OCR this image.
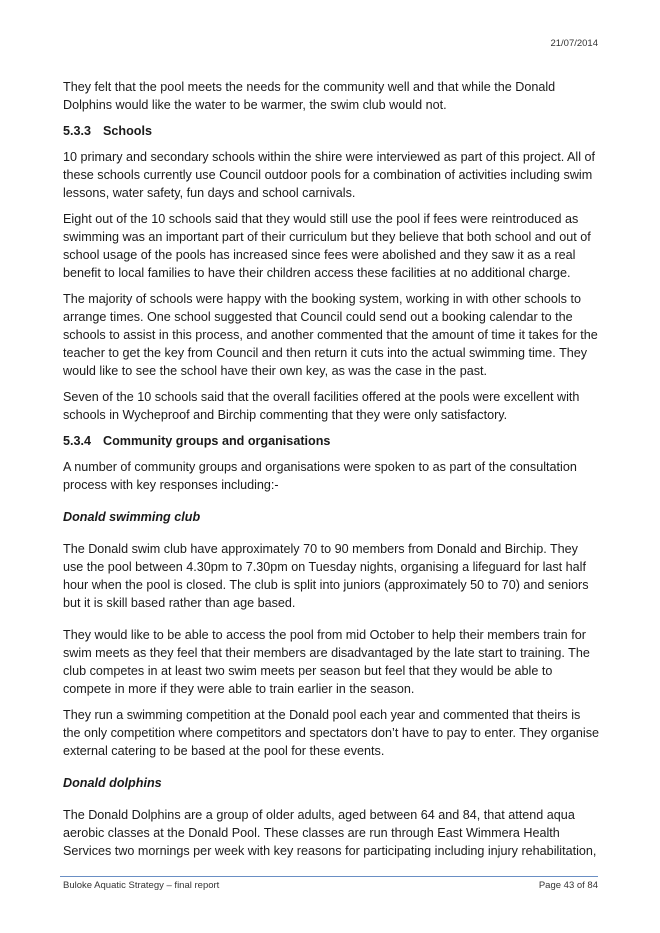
21/07/2014

They felt that the pool meets the needs for the community well and that while the Donald Dolphins would like the water to be warmer, the swim club would not.

5.3.3 Schools

10 primary and secondary schools within the shire were interviewed as part of this project. All of these schools currently use Council outdoor pools for a combination of activities including swim lessons, water safety, fun days and school carnivals.

Eight out of the 10 schools said that they would still use the pool if fees were reintroduced as swimming was an important part of their curriculum but they believe that both school and out of school usage of the pools has increased since fees were abolished and they saw it as a real benefit to local families to have their children access these facilities at no additional charge.

The majority of schools were happy with the booking system, working in with other schools to arrange times. One school suggested that Council could send out a booking calendar to the schools to assist in this process, and another commented that the amount of time it takes for the teacher to get the key from Council and then return it cuts into the actual swimming time. They would like to see the school have their own key, as was the case in the past.

Seven of the 10 schools said that the overall facilities offered at the pools were excellent with schools in Wycheproof and Birchip commenting that they were only satisfactory.

5.3.4 Community groups and organisations

A number of community groups and organisations were spoken to as part of the consultation process with key responses including:-

Donald swimming club

The Donald swim club have approximately 70 to 90 members from Donald and Birchip. They use the pool between 4.30pm to 7.30pm on Tuesday nights, organising a lifeguard for last half hour when the pool is closed. The club is split into juniors (approximately 50 to 70) and seniors but it is skill based rather than age based.

They would like to be able to access the pool from mid October to help their members train for swim meets as they feel that their members are disadvantaged by the late start to training. The club competes in at least two swim meets per season but feel that they would be able to compete in more if they were able to train earlier in the season.

They run a swimming competition at the Donald pool each year and commented that theirs is the only competition where competitors and spectators don’t have to pay to enter. They organise external catering to be based at the pool for these events.

Donald dolphins

The Donald Dolphins are a group of older adults, aged between 64 and 84, that attend aqua aerobic classes at the Donald Pool. These classes are run through East Wimmera Health Services two mornings per week with key reasons for participating including injury rehabilitation,

Buloke Aquatic Strategy – final report	Page 43 of 84
